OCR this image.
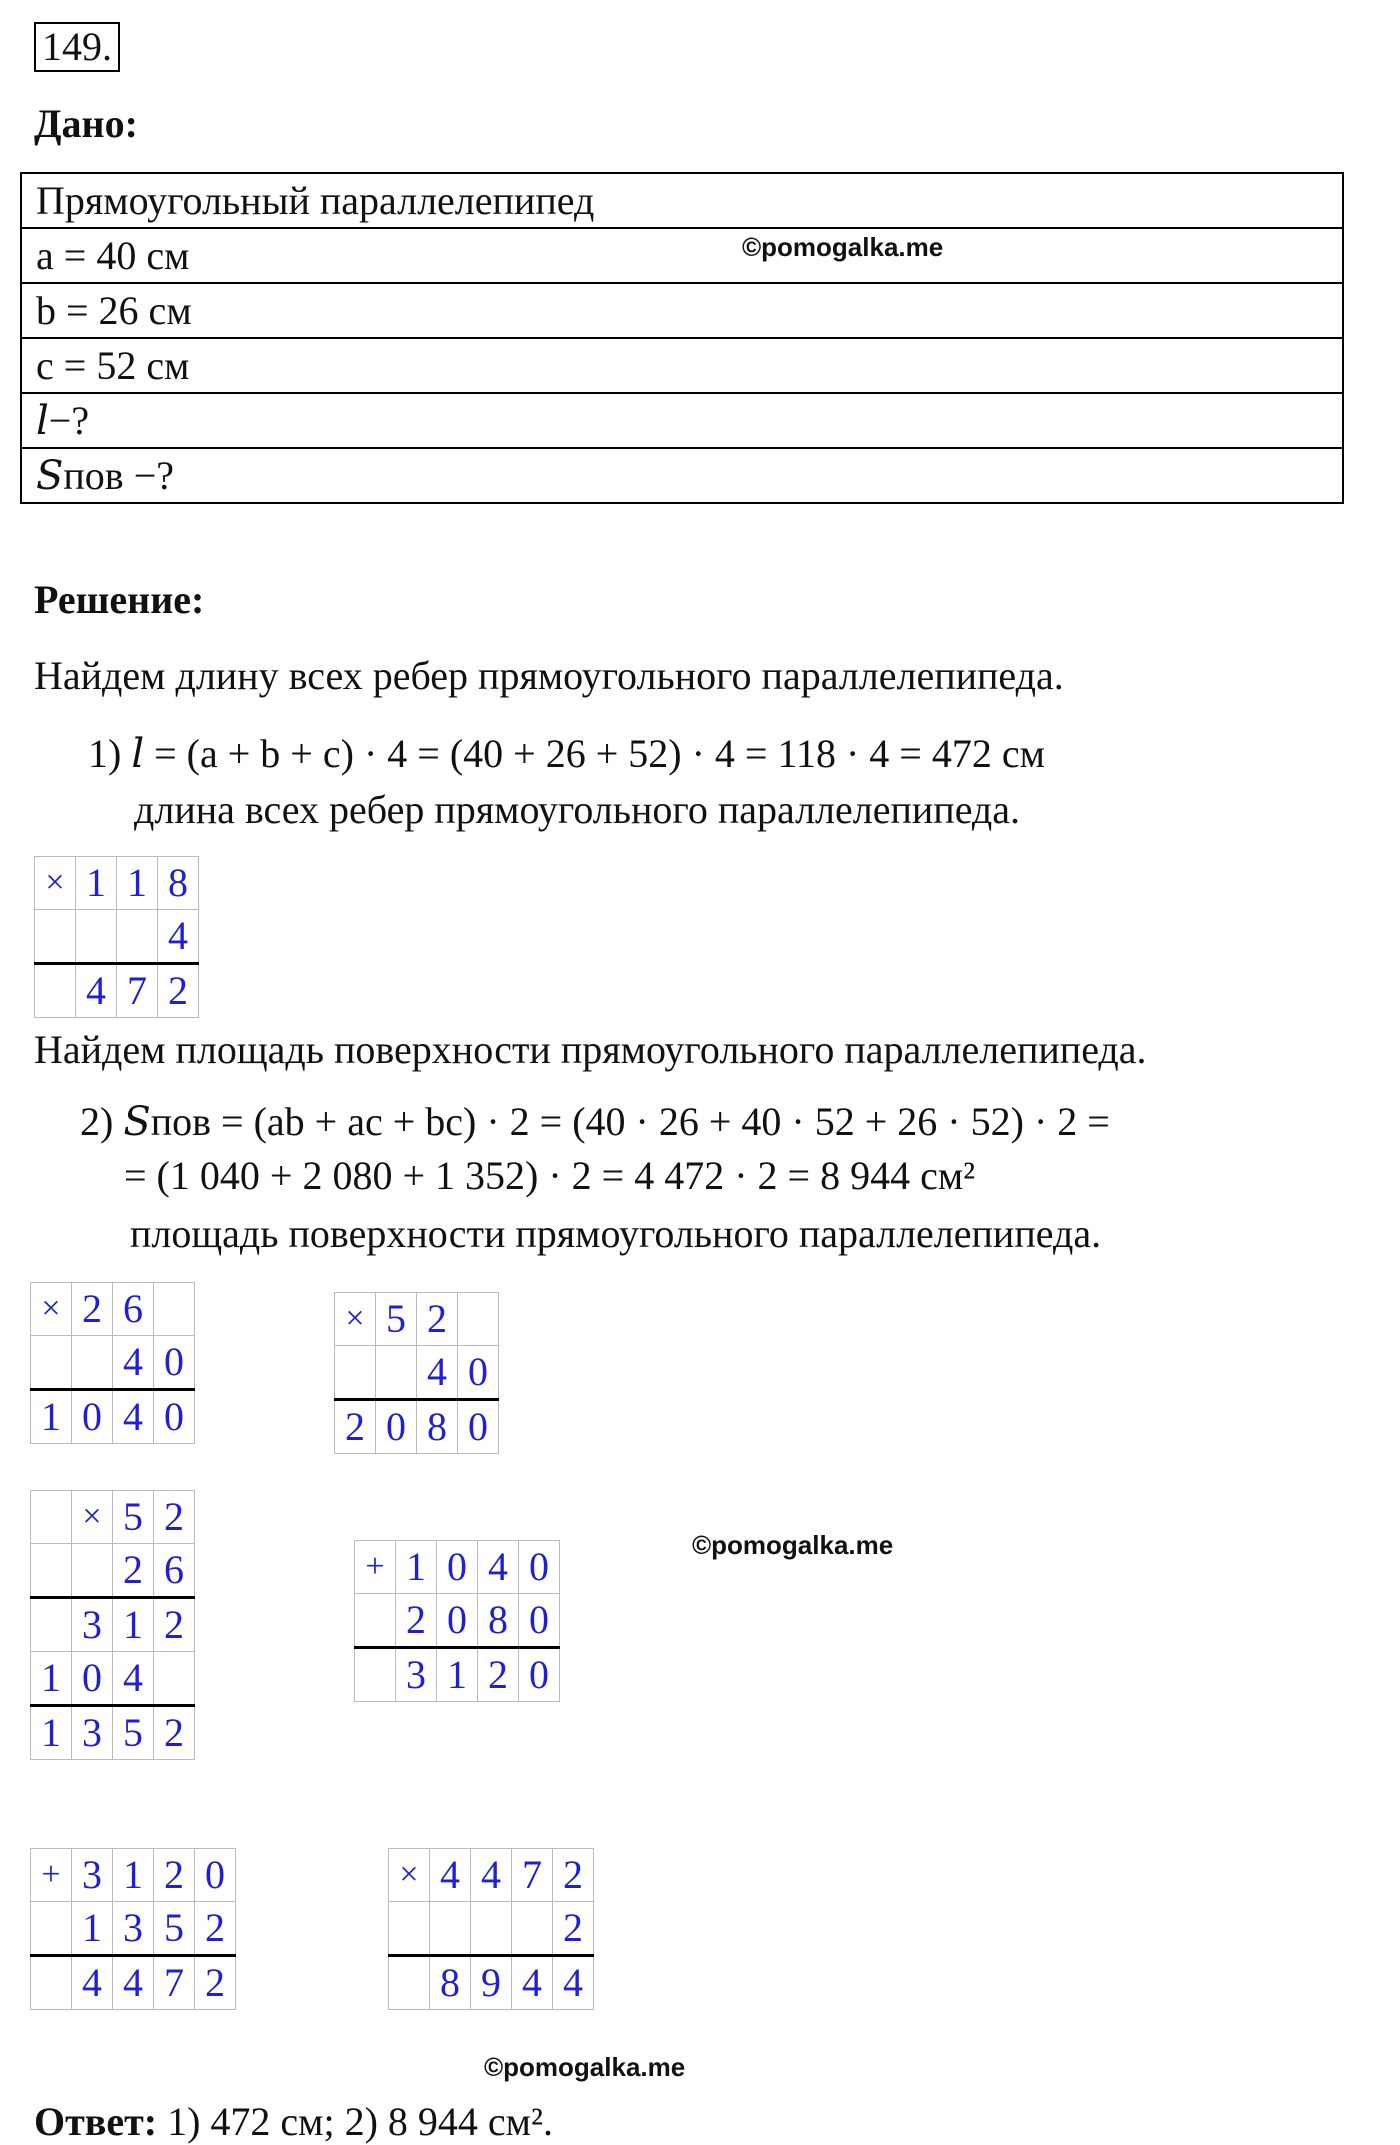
149.
Дано:
Прямоугольный параллелепипед
a = 40 см
b = 26 см
c = 52 см
𝑙−?
𝑆пов −?
©pomogalka.me
Решение:
Найдем длину всех ребер прямоугольного параллелепипеда.
1) 𝑙 = (a + b + c) · 4 = (40 + 26 + 52) · 4 = 118 · 4 = 472 см
длина всех ребер прямоугольного параллелепипеда.
×	1	1	8
			4
	4	7	2
Найдем площадь поверхности прямоугольного параллелепипеда.
2) 𝑆пов = (ab + ac + bc) · 2 = (40 · 26 + 40 · 52 + 26 · 52) · 2 =
= (1 040 + 2 080 + 1 352) · 2 = 4 472 · 2 = 8 944 см²
площадь поверхности прямоугольного параллелепипеда.
×	2	6	
		4	0
1	0	4	0
×	5	2	
		4	0
2	0	8	0
	×	5	2
		2	6
	3	1	2
1	0	4	
1	3	5	2
+	1	0	4	0
	2	0	8	0
	3	1	2	0
©pomogalka.me
+	3	1	2	0
	1	3	5	2
	4	4	7	2
×	4	4	7	2
				2
	8	9	4	4
©pomogalka.me
Ответ: 1) 472 см; 2) 8 944 см².
